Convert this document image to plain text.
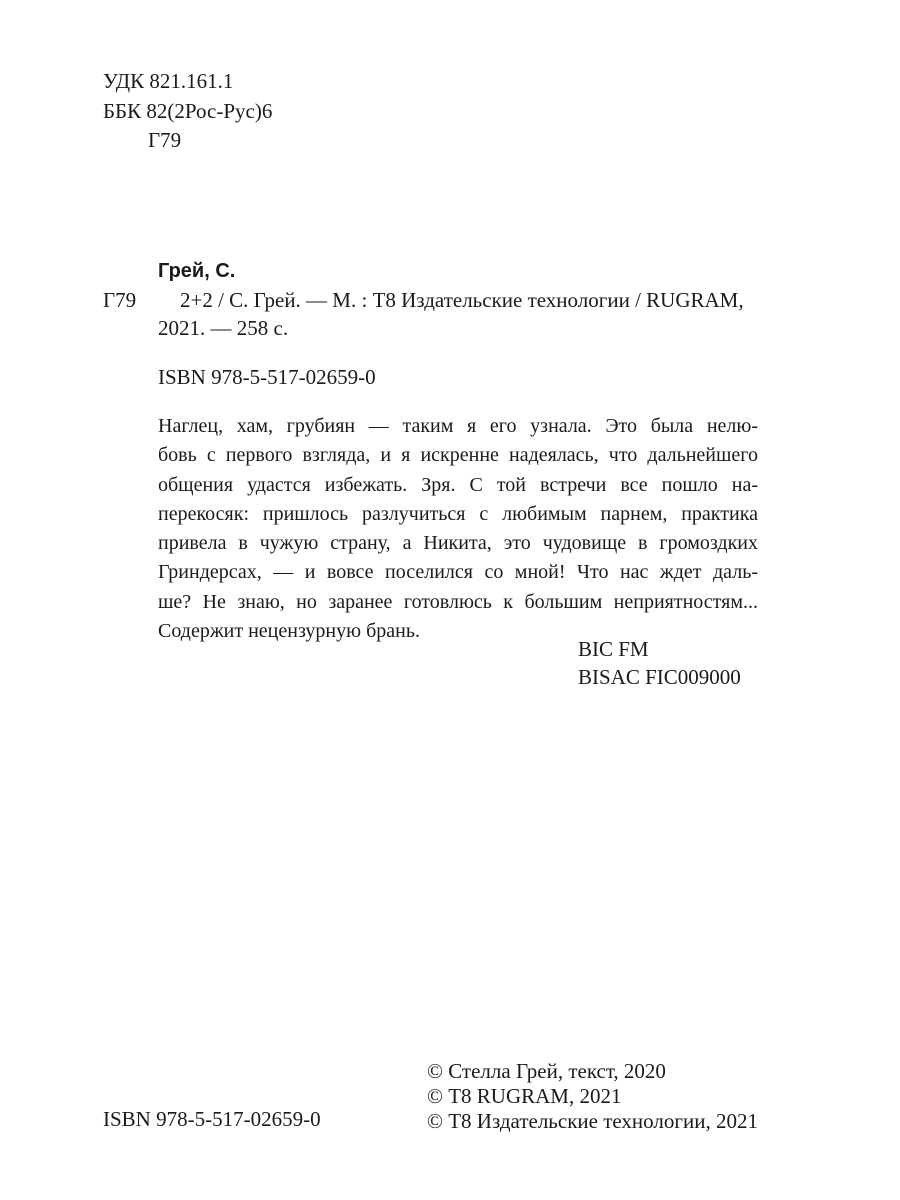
УДК 821.161.1
ББК 82(2Рос-Рус)6
Г79
Грей, С.
Г79 2+2 / С. Грей. — М. : Т8 Издательские технологии / RUGRAM,
2021. — 258 с.
ISBN 978-5-517-02659-0
Наглец, хам, грубиян — таким я его узнала. Это была нелю-
бовь с первого взгляда, и я искренне надеялась, что дальнейшего
общения удастся избежать. Зря. С той встречи все пошло на-
перекосяк: пришлось разлучиться с любимым парнем, практика
привела в чужую страну, а Никита, это чудовище в громоздких
Гриндерсах, — и вовсе поселился со мной! Что нас ждет даль-
ше? Не знаю, но заранее готовлюсь к большим неприятностям...
Содержит нецензурную брань.
BIC FM
BISAC FIC009000
© Стелла Грей, текст, 2020
© Т8 RUGRAM, 2021
© Т8 Издательские технологии, 2021
ISBN 978-5-517-02659-0
